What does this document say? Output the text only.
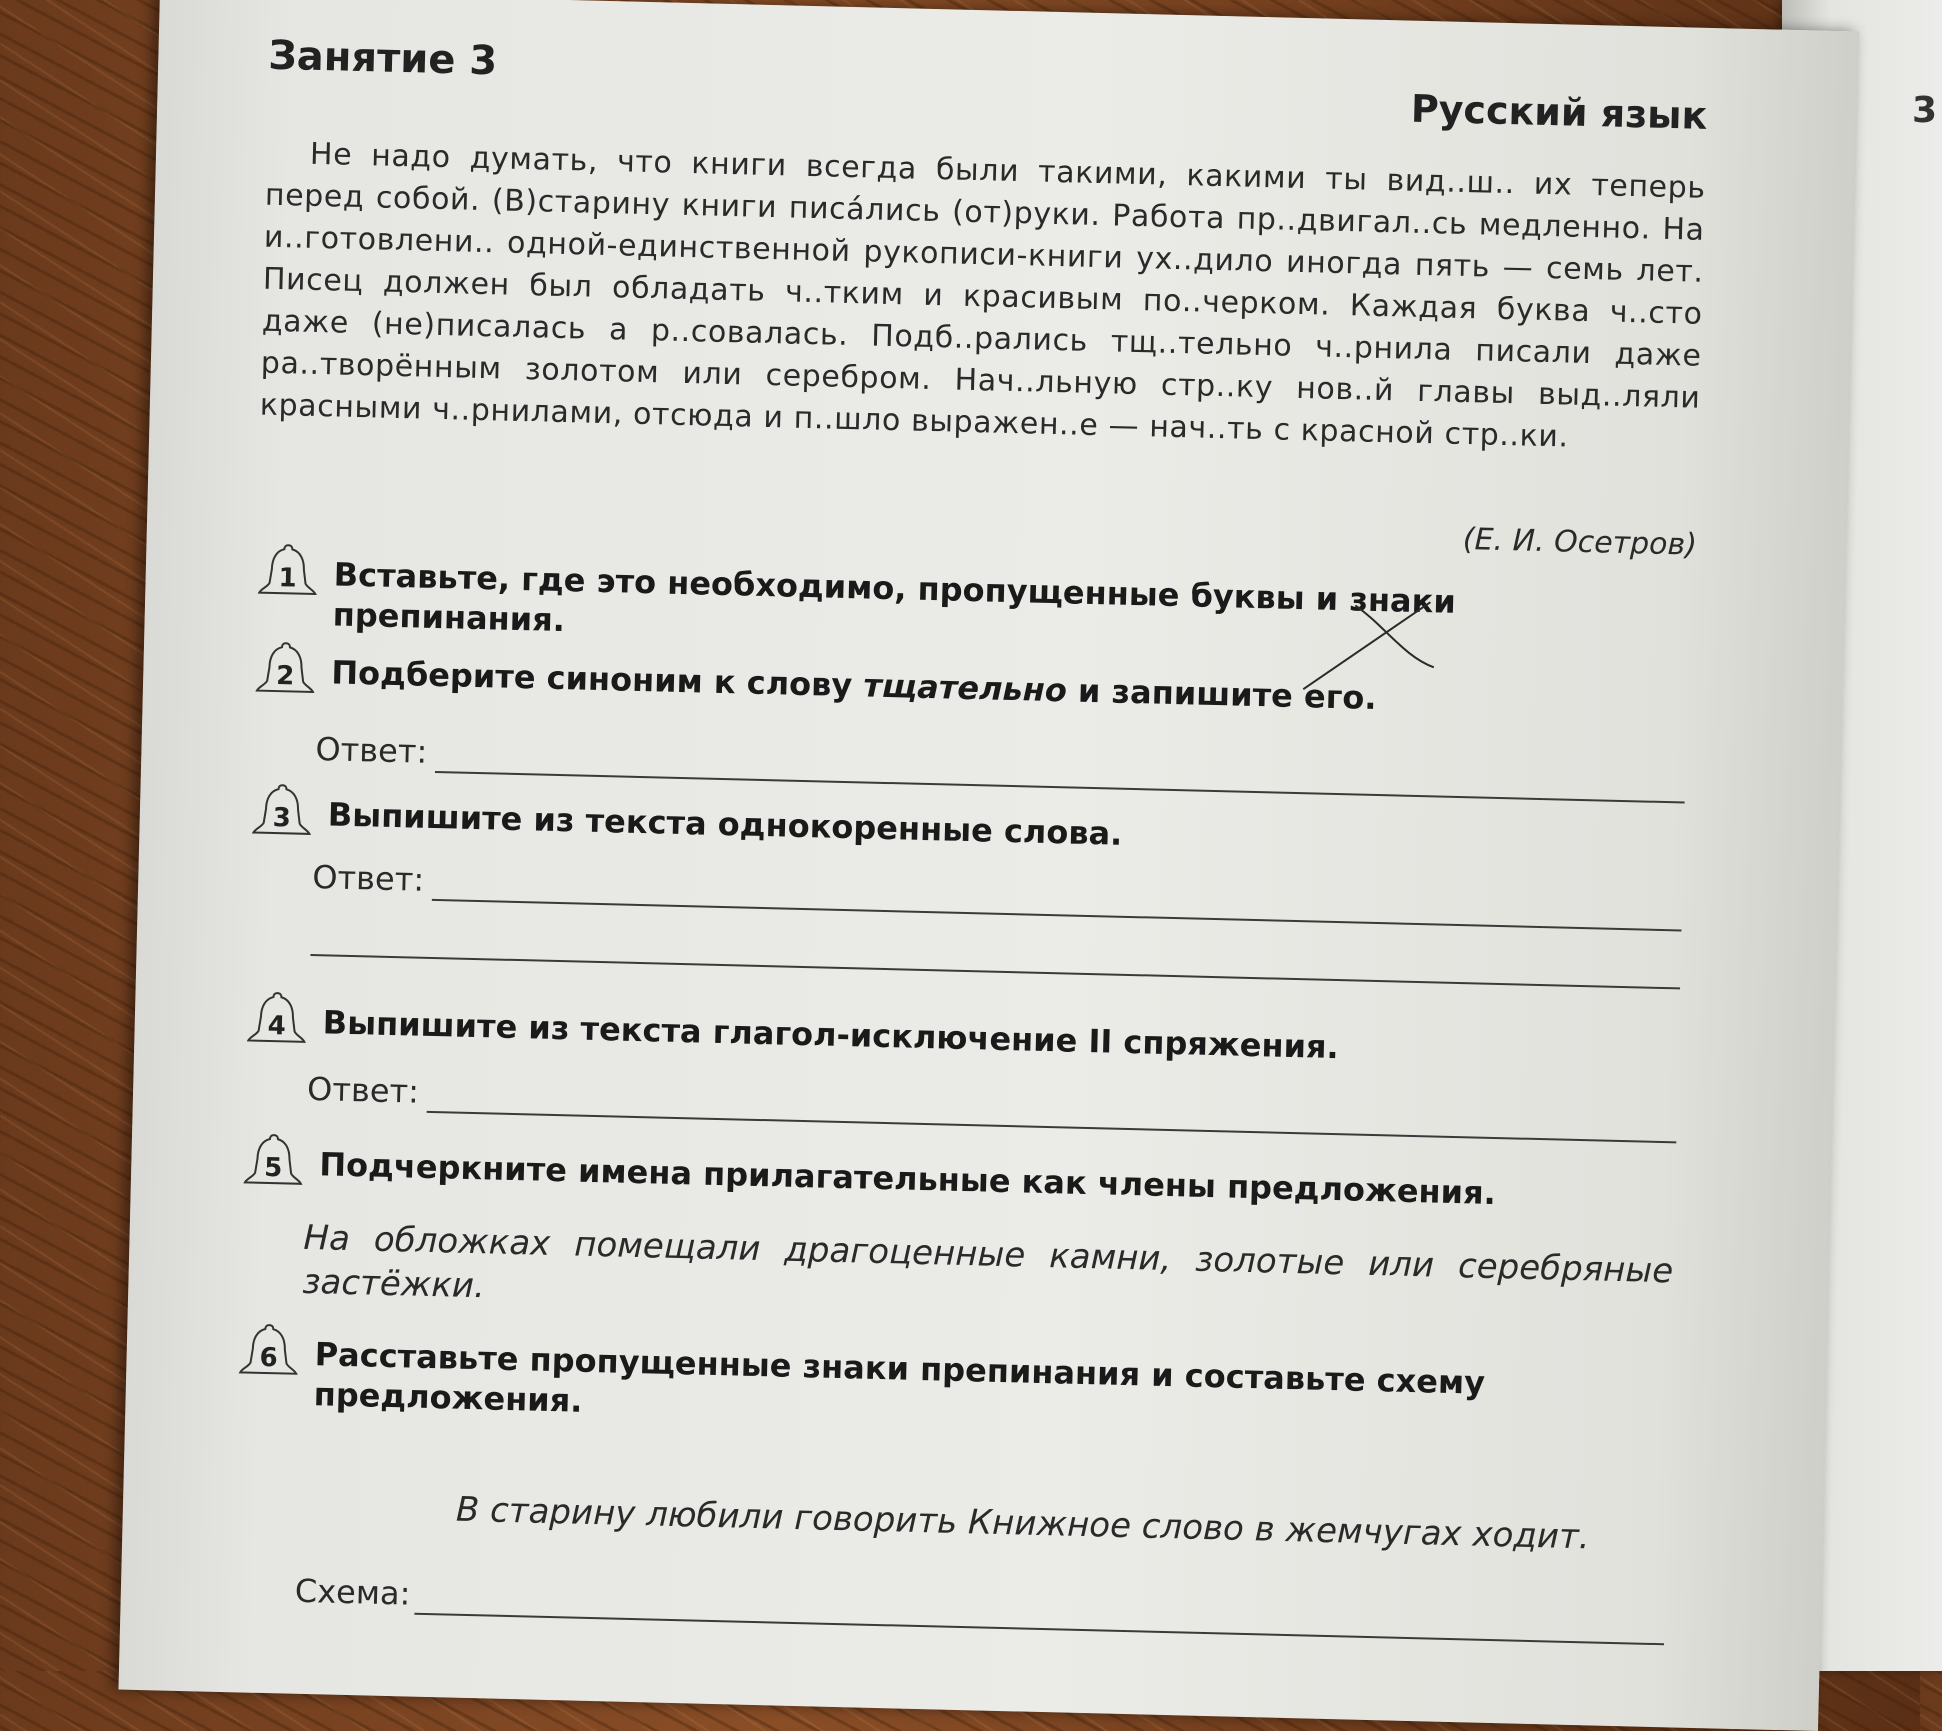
3
Занятие 3
Русский язык
Не надо думать, что книги всегда были такими, какими ты вид..ш.. их теперь перед собой. (В)старину книги писáлись (от)руки. Работа пр..двигал..сь медленно. На и..готовлени.. одной-единственной рукописи-книги ух..дило иногда пять — семь лет. Писец должен был обладать ч..тким и красивым по..черком. Каждая буква ч..сто даже (не)писалась а р..совалась. Подб..рались тщ..тельно ч..рнила писали даже ра..творённым золотом или серебром. Нач..льную стр..ку нов..й главы выд..ляли красными ч..рнилами, отсюда и п..шло выражен..е — нач..ть с красной стр..ки.
(Е. И. Осетров)
1	Вставьте, где это необходимо, пропущенные буквы и знаки препинания.
2	Подберите синоним к слову тщательно и запишите его.
Ответ:
3	Выпишите из текста однокоренные слова.
Ответ:
4	Выпишите из текста глагол-исключение II спряжения.
Ответ:
5	Подчеркните имена прилагательные как члены предложения.
На обложках помещали драгоценные камни, золотые или серебряные застёжки.
6	Расставьте пропущенные знаки препинания и составьте схему предложения.
В старину любили говорить Книжное слово в жемчугах ходит.
Схема:
